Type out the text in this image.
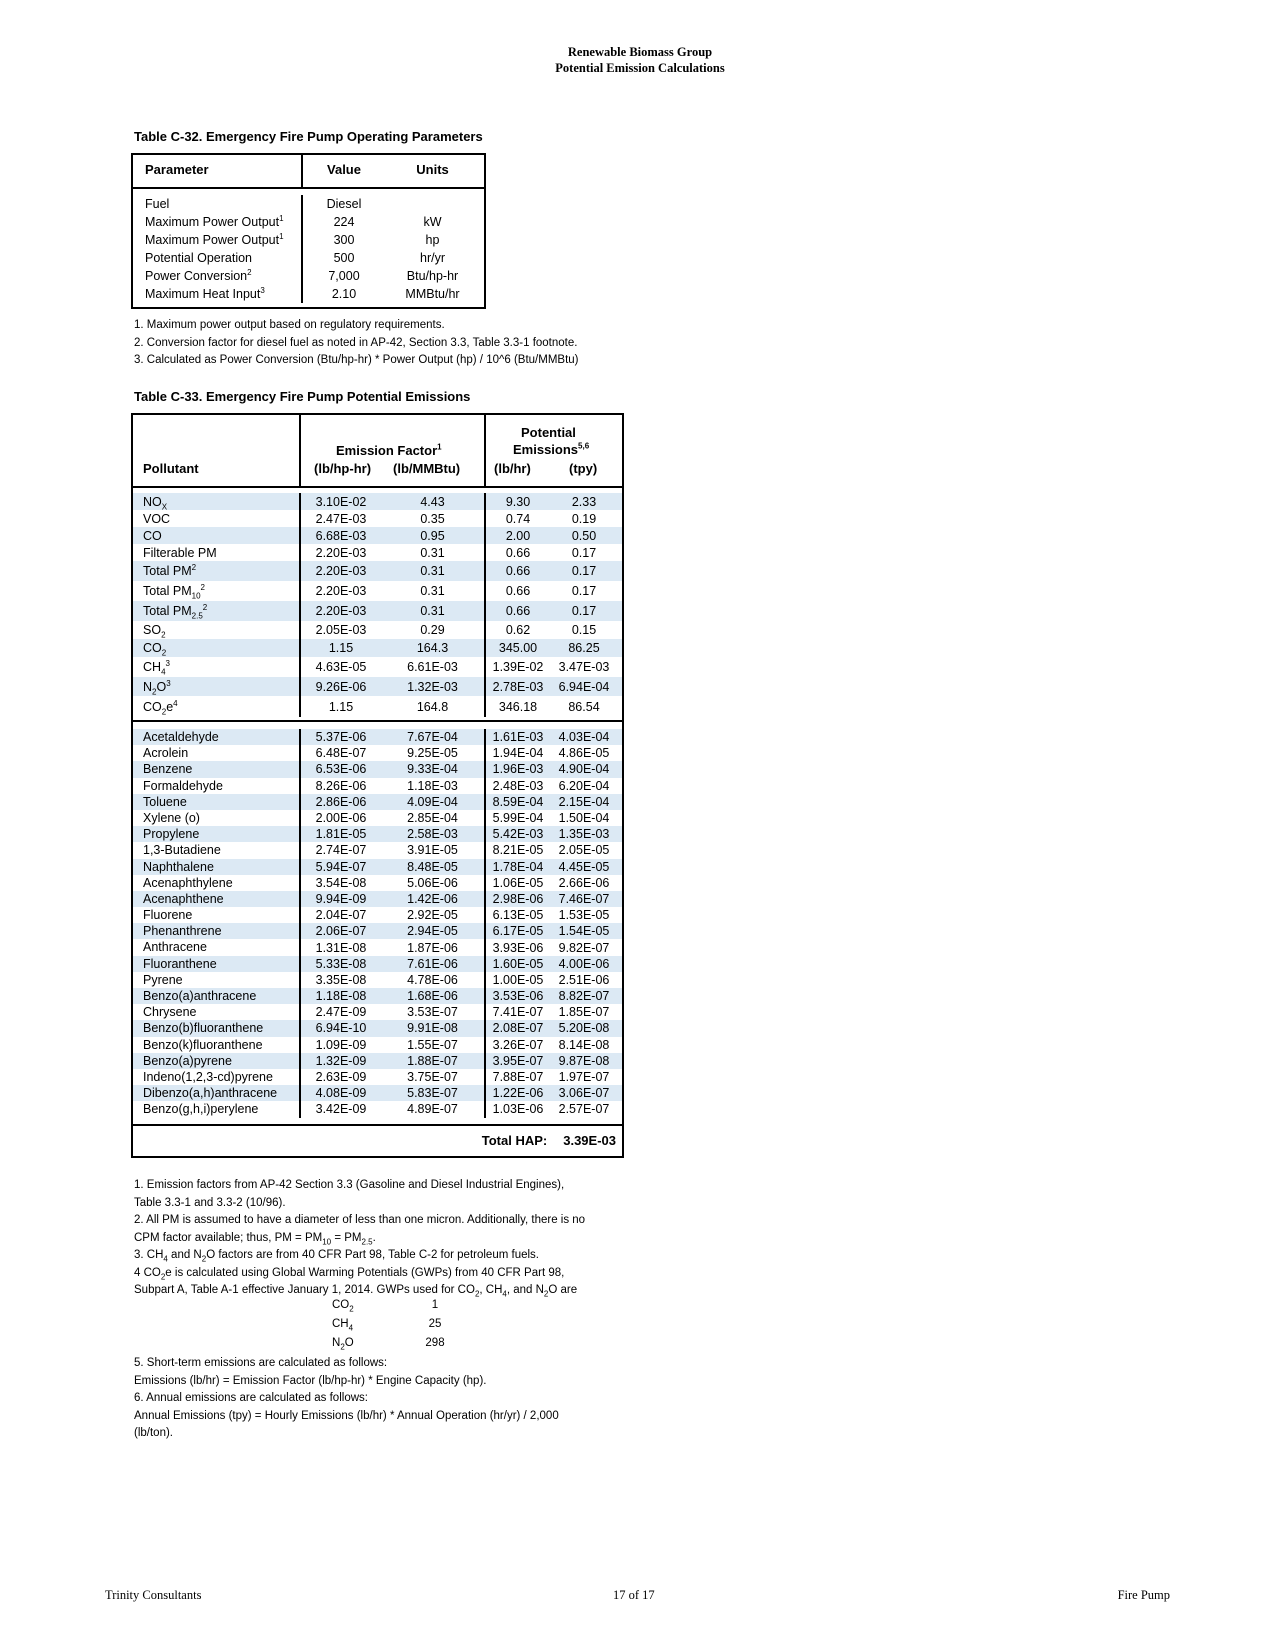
Renewable Biomass Group
Potential Emission Calculations
Table C-32. Emergency Fire Pump Operating Parameters
Parameter	Value	Units
Fuel	Diesel
Maximum Power Output$^1$	224	kW
Maximum Power Output$^1$	300	hp
Potential Operation	500	hr/yr
Power Conversion$^2$	7,000	Btu/hp-hr
Maximum Heat Input$^3$	2.10	MMBtu/hr
1. Maximum power output based on regulatory requirements.
2. Conversion factor for diesel fuel as noted in AP-42, Section 3.3, Table 3.3-1 footnote.
3. Calculated as Power Conversion (Btu/hp-hr) * Power Output (hp) / 10^6 (Btu/MMBtu)
Table C-33. Emergency Fire Pump Potential Emissions
Pollutant
Emission Factor$^1$
(lb/hp-hr) (lb/MMBtu)
Potential
Emissions$^{5,6}$
(lb/hr)	(tpy)
$NO_X$	3.10E-02	4.43	9.30	2.33
VOC	2.47E-03	0.35	0.74	0.19
CO	6.68E-03	0.95	2.00	0.50
Filterable PM	2.20E-03	0.31	0.66	0.17
Total $PM^2$	2.20E-03	0.31	0.66	0.17
Total $PM_{10}^2$	2.20E-03	0.31	0.66	0.17
Total $PM_{2.5}^2$	2.20E-03	0.31	0.66	0.17
$SO_2$	2.05E-03	0.29	0.62	0.15
$CO_2$	1.15	164.3	345.00	86.25
$CH_4^3$	4.63E-05	6.61E-03	1.39E-02	3.47E-03
$N_2O^3$	9.26E-06	1.32E-03	2.78E-03	6.94E-04
$CO_2e^4$	1.15	164.8	346.18	86.54
Acetaldehyde	5.37E-06	7.67E-04	1.61E-03	4.03E-04
Acrolein	6.48E-07	9.25E-05	1.94E-04	4.86E-05
Benzene	6.53E-06	9.33E-04	1.96E-03	4.90E-04
Formaldehyde	8.26E-06	1.18E-03	2.48E-03	6.20E-04
Toluene	2.86E-06	4.09E-04	8.59E-04	2.15E-04
Xylene (o)	2.00E-06	2.85E-04	5.99E-04	1.50E-04
Propylene	1.81E-05	2.58E-03	5.42E-03	1.35E-03
1,3-Butadiene	2.74E-07	3.91E-05	8.21E-05	2.05E-05
Naphthalene	5.94E-07	8.48E-05	1.78E-04	4.45E-05
Acenaphthylene	3.54E-08	5.06E-06	1.06E-05	2.66E-06
Acenaphthene	9.94E-09	1.42E-06	2.98E-06	7.46E-07
Fluorene	2.04E-07	2.92E-05	6.13E-05	1.53E-05
Phenanthrene	2.06E-07	2.94E-05	6.17E-05	1.54E-05
Anthracene	1.31E-08	1.87E-06	3.93E-06	9.82E-07
Fluoranthene	5.33E-08	7.61E-06	1.60E-05	4.00E-06
Pyrene	3.35E-08	4.78E-06	1.00E-05	2.51E-06
Benzo(a)anthracene	1.18E-08	1.68E-06	3.53E-06	8.82E-07
Chrysene	2.47E-09	3.53E-07	7.41E-07	1.85E-07
Benzo(b)fluoranthene	6.94E-10	9.91E-08	2.08E-07	5.20E-08
Benzo(k)fluoranthene	1.09E-09	1.55E-07	3.26E-07	8.14E-08
Benzo(a)pyrene	1.32E-09	1.88E-07	3.95E-07	9.87E-08
Indeno(1,2,3-cd)pyrene	2.63E-09	3.75E-07	7.88E-07	1.97E-07
Dibenzo(a,h)anthracene	4.08E-09	5.83E-07	1.22E-06	3.06E-07
Benzo(g,h,i)perylene	3.42E-09	4.89E-07	1.03E-06	2.57E-07
Total HAP: 3.39E-03
1. Emission factors from AP-42 Section 3.3 (Gasoline and Diesel Industrial Engines),
Table 3.3-1 and 3.3-2 (10/96).
2. All PM is assumed to have a diameter of less than one micron. Additionally, there is no
CPM factor available; thus, PM = $PM_{10} = PM_{2.5}$.
3. $CH_4$ and $N_2O$ factors are from 40 CFR Part 98, Table C-2 for petroleum fuels.
4 $CO_2e$ is calculated using Global Warming Potentials (GWPs) from 40 CFR Part 98,
Subpart A, Table A-1 effective January 1, 2014. GWPs used for $CO_2$, $CH_4$, and $N_2O$ are
$CO_2$	1
$CH_4$	25
$N_2O$	298
5. Short-term emissions are calculated as follows:
Emissions (lb/hr) = Emission Factor (lb/hp-hr) * Engine Capacity (hp).
6. Annual emissions are calculated as follows:
Annual Emissions (tpy) = Hourly Emissions (lb/hr) * Annual Operation (hr/yr) / 2,000
(lb/ton).
Trinity Consultants	17 of 17	Fire Pump
